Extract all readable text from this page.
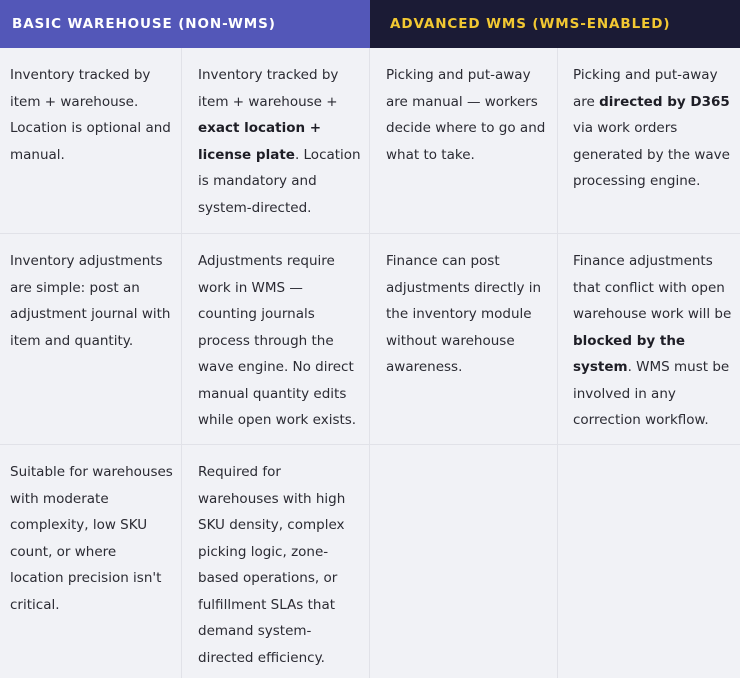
BASIC WAREHOUSE (NON-WMS)	ADVANCED WMS (WMS-ENABLED)
Inventory tracked by item + warehouse. Location is optional and manual.
Inventory tracked by item + warehouse + exact location + license plate. Location is mandatory and system-directed.
Picking and put-away are manual — workers decide where to go and what to take.
Picking and put-away are directed by D365 via work orders generated by the wave processing engine.
Inventory adjustments are simple: post an adjustment journal with item and quantity.
Adjustments require work in WMS — counting journals process through the wave engine. No direct manual quantity edits while open work exists.
Finance can post adjustments directly in the inventory module without warehouse awareness.
Finance adjustments that conflict with open warehouse work will be blocked by the system. WMS must be involved in any correction workflow.
Suitable for warehouses with moderate complexity, low SKU count, or where location precision isn't critical.
Required for warehouses with high SKU density, complex picking logic, zone-based operations, or fulfillment SLAs that demand system-directed efficiency.
